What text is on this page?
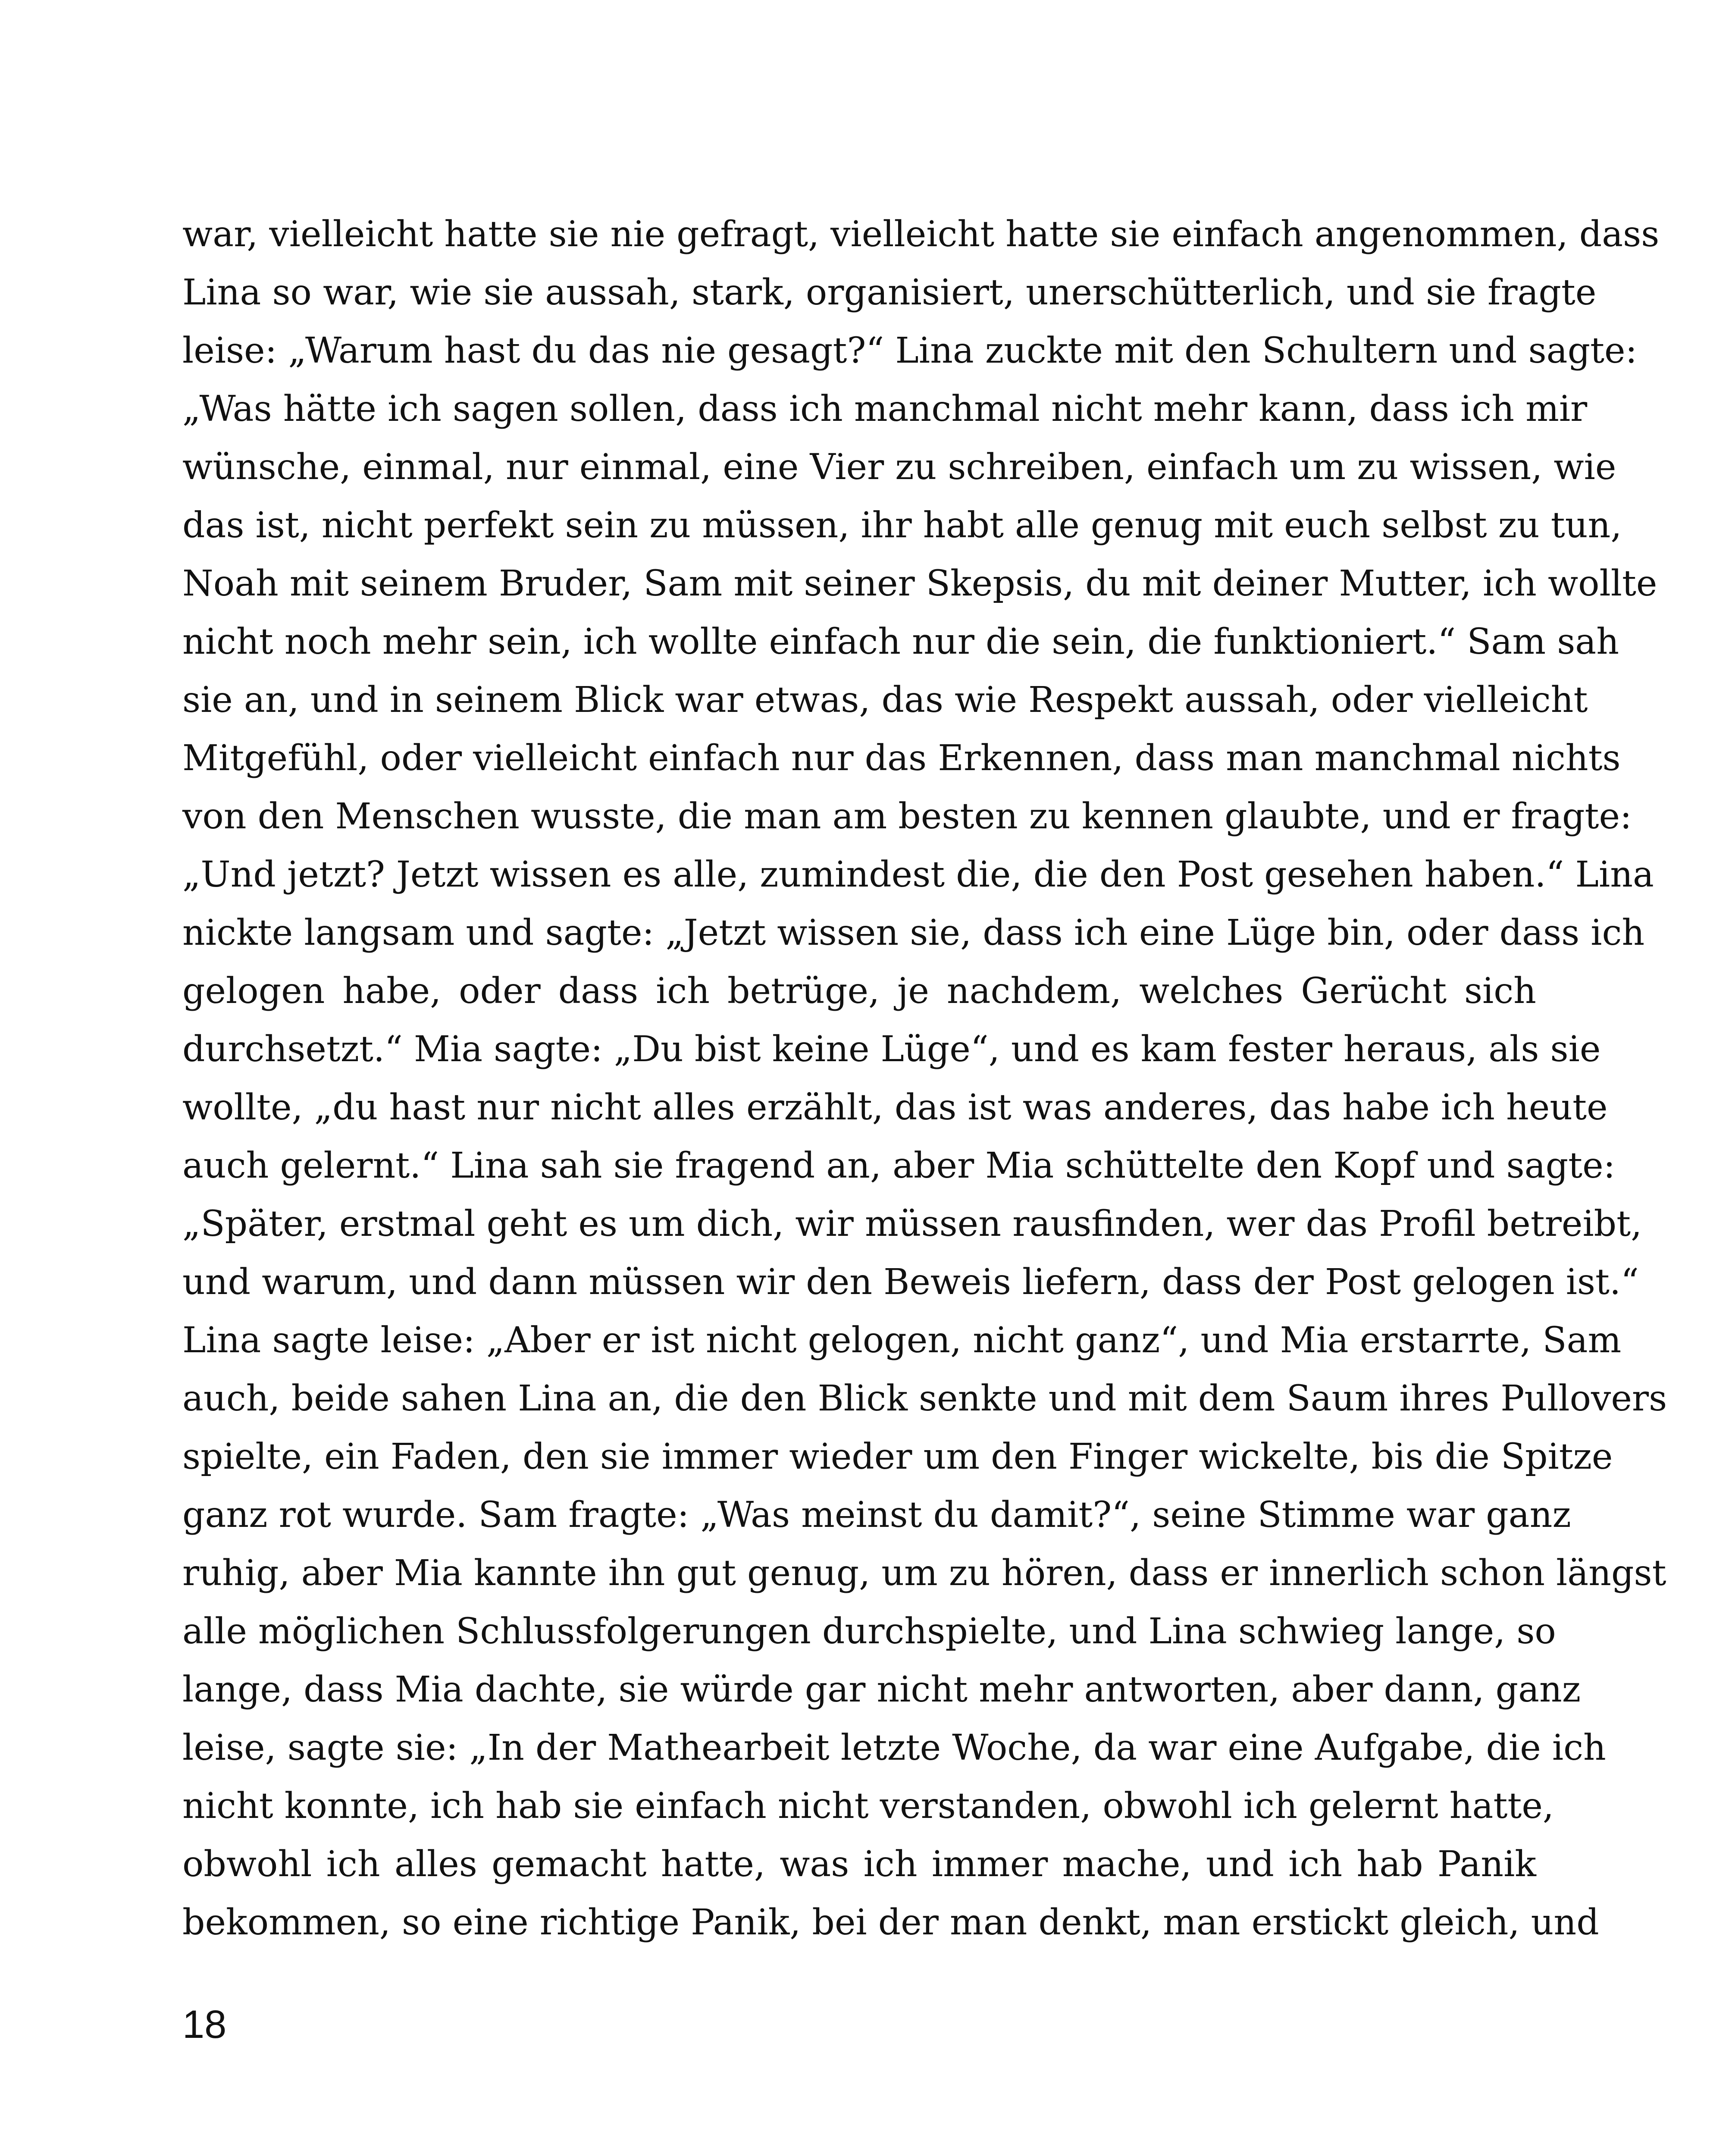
war, vielleicht hatte sie nie gefragt, vielleicht hatte sie einfach angenommen, dass
Lina so war, wie sie aussah, stark, organisiert, unerschütterlich, und sie fragte
leise: „Warum hast du das nie gesagt?“ Lina zuckte mit den Schultern und sagte:
„Was hätte ich sagen sollen, dass ich manchmal nicht mehr kann, dass ich mir
wünsche, einmal, nur einmal, eine Vier zu schreiben, einfach um zu wissen, wie
das ist, nicht perfekt sein zu müssen, ihr habt alle genug mit euch selbst zu tun,
Noah mit seinem Bruder, Sam mit seiner Skepsis, du mit deiner Mutter, ich wollte
nicht noch mehr sein, ich wollte einfach nur die sein, die funktioniert.“ Sam sah
sie an, und in seinem Blick war etwas, das wie Respekt aussah, oder vielleicht
Mitgefühl, oder vielleicht einfach nur das Erkennen, dass man manchmal nichts
von den Menschen wusste, die man am besten zu kennen glaubte, und er fragte:
„Und jetzt? Jetzt wissen es alle, zumindest die, die den Post gesehen haben.“ Lina
nickte langsam und sagte: „Jetzt wissen sie, dass ich eine Lüge bin, oder dass ich
gelogen habe, oder dass ich betrüge, je nachdem, welches Gerücht sich
durchsetzt.“ Mia sagte: „Du bist keine Lüge“, und es kam fester heraus, als sie
wollte, „du hast nur nicht alles erzählt, das ist was anderes, das habe ich heute
auch gelernt.“ Lina sah sie fragend an, aber Mia schüttelte den Kopf und sagte:
„Später, erstmal geht es um dich, wir müssen rausfinden, wer das Profil betreibt,
und warum, und dann müssen wir den Beweis liefern, dass der Post gelogen ist.“
Lina sagte leise: „Aber er ist nicht gelogen, nicht ganz“, und Mia erstarrte, Sam
auch, beide sahen Lina an, die den Blick senkte und mit dem Saum ihres Pullovers
spielte, ein Faden, den sie immer wieder um den Finger wickelte, bis die Spitze
ganz rot wurde. Sam fragte: „Was meinst du damit?“, seine Stimme war ganz
ruhig, aber Mia kannte ihn gut genug, um zu hören, dass er innerlich schon längst
alle möglichen Schlussfolgerungen durchspielte, und Lina schwieg lange, so
lange, dass Mia dachte, sie würde gar nicht mehr antworten, aber dann, ganz
leise, sagte sie: „In der Mathearbeit letzte Woche, da war eine Aufgabe, die ich
nicht konnte, ich hab sie einfach nicht verstanden, obwohl ich gelernt hatte,
obwohl ich alles gemacht hatte, was ich immer mache, und ich hab Panik
bekommen, so eine richtige Panik, bei der man denkt, man erstickt gleich, und
18
